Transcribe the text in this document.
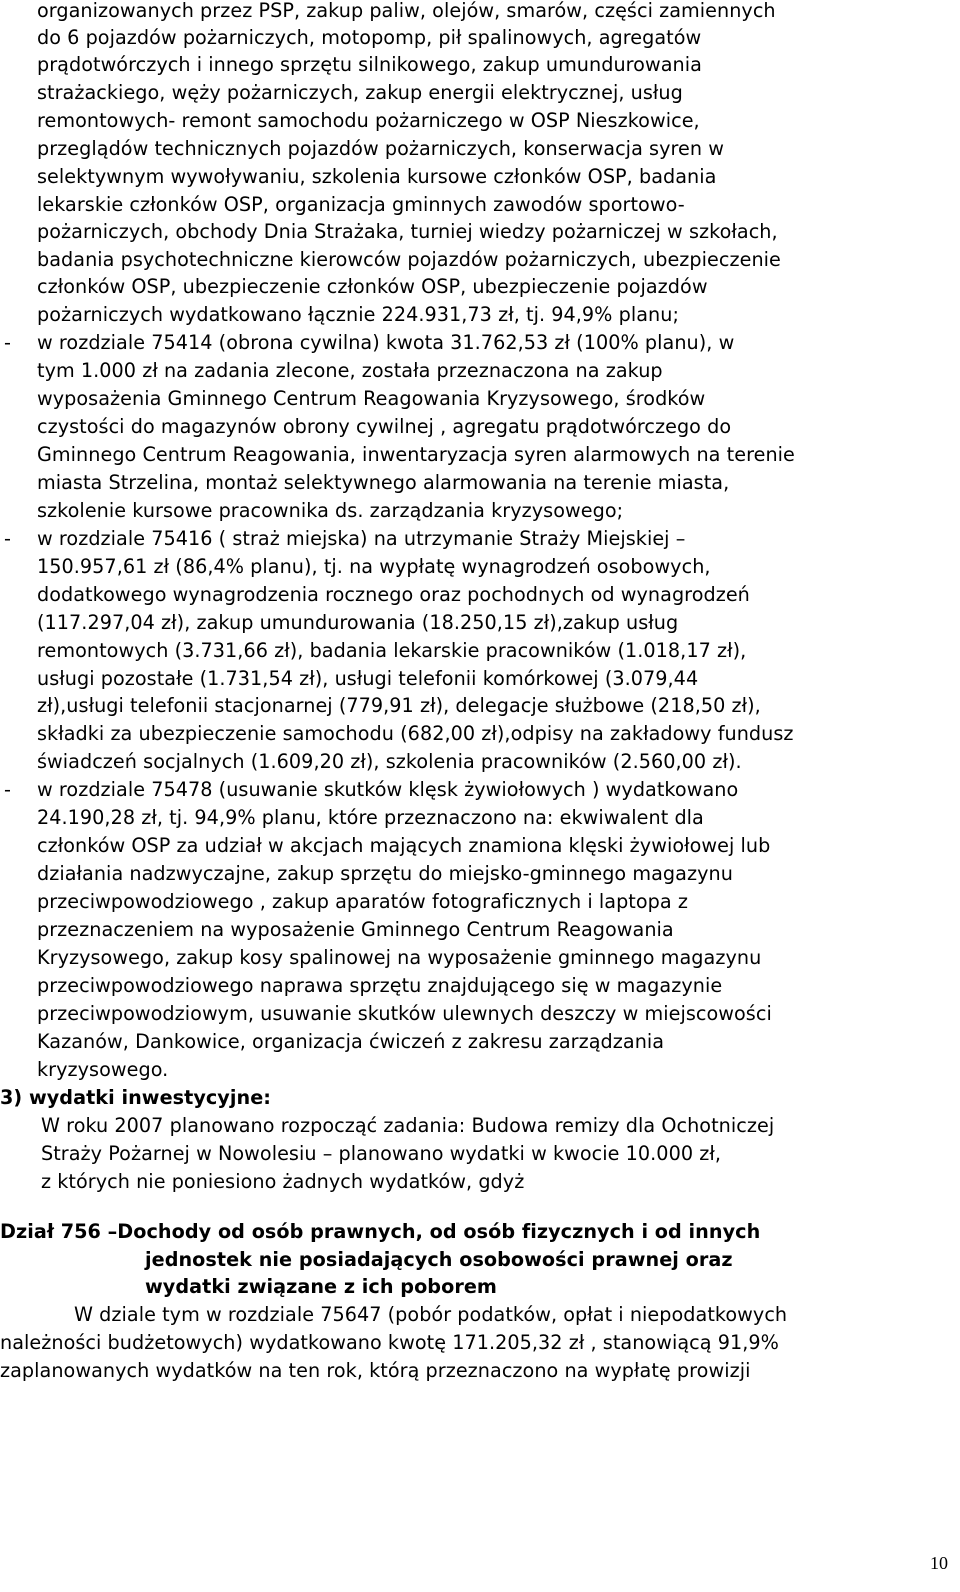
organizowanych przez PSP, zakup paliw, olejów, smarów, części zamiennych

do 6 pojazdów pożarniczych, motopomp, pił spalinowych, agregatów

prądotwórczych i innego sprzętu silnikowego, zakup umundurowania

strażackiego, węży pożarniczych, zakup energii elektrycznej, usług

remontowych- remont samochodu pożarniczego w OSP Nieszkowice,

przeglądów technicznych pojazdów pożarniczych, konserwacja syren w

selektywnym wywoływaniu, szkolenia kursowe członków OSP, badania

lekarskie członków OSP, organizacja gminnych zawodów sportowo-

pożarniczych, obchody Dnia Strażaka, turniej wiedzy pożarniczej w szkołach,

badania psychotechniczne kierowców pojazdów pożarniczych, ubezpieczenie

członków OSP, ubezpieczenie członków OSP, ubezpieczenie pojazdów

pożarniczych wydatkowano łącznie 224.931,73 zł, tj. 94,9% planu;

- w rozdziale 75414 (obrona cywilna) kwota 31.762,53 zł (100% planu), w

tym 1.000 zł na zadania zlecone, została przeznaczona na zakup

wyposażenia Gminnego Centrum Reagowania Kryzysowego, środków

czystości do magazynów obrony cywilnej , agregatu prądotwórczego do

Gminnego Centrum Reagowania, inwentaryzacja syren alarmowych na terenie

miasta Strzelina, montaż selektywnego alarmowania na terenie miasta,

szkolenie kursowe pracownika ds. zarządzania kryzysowego;

- w rozdziale 75416 ( straż miejska) na utrzymanie Straży Miejskiej –

150.957,61 zł (86,4% planu), tj. na wypłatę wynagrodzeń osobowych,

dodatkowego wynagrodzenia rocznego oraz pochodnych od wynagrodzeń

(117.297,04 zł), zakup umundurowania (18.250,15 zł),zakup usług

remontowych (3.731,66 zł), badania lekarskie pracowników (1.018,17 zł),

usługi pozostałe (1.731,54 zł), usługi telefonii komórkowej (3.079,44

zł),usługi telefonii stacjonarnej (779,91 zł), delegacje służbowe (218,50 zł),

składki za ubezpieczenie samochodu (682,00 zł),odpisy na zakładowy fundusz

świadczeń socjalnych (1.609,20 zł), szkolenia pracowników (2.560,00 zł).

- w rozdziale 75478 (usuwanie skutków klęsk żywiołowych ) wydatkowano

24.190,28 zł, tj. 94,9% planu, które przeznaczono na: ekwiwalent dla

członków OSP za udział w akcjach mających znamiona klęski żywiołowej lub

działania nadzwyczajne, zakup sprzętu do miejsko-gminnego magazynu

przeciwpowodziowego , zakup aparatów fotograficznych i laptopa z

przeznaczeniem na wyposażenie Gminnego Centrum Reagowania

Kryzysowego, zakup kosy spalinowej na wyposażenie gminnego magazynu

przeciwpowodziowego naprawa sprzętu znajdującego się w magazynie

przeciwpowodziowym, usuwanie skutków ulewnych deszczy w miejscowości

Kazanów, Dankowice, organizacja ćwiczeń z zakresu zarządzania

kryzysowego.

3) wydatki inwestycyjne:

W roku 2007 planowano rozpocząć zadania: Budowa remizy dla Ochotniczej

Straży Pożarnej w Nowolesiu – planowano wydatki w kwocie 10.000 zł,

z których nie poniesiono żadnych wydatków, gdyż

Dział 756 –Dochody od osób prawnych, od osób fizycznych i od innych

jednostek nie posiadających osobowości prawnej oraz

wydatki związane z ich poborem

W dziale tym w rozdziale 75647 (pobór podatków, opłat i niepodatkowych

należności budżetowych) wydatkowano kwotę 171.205,32 zł , stanowiącą 91,9%

zaplanowanych wydatków na ten rok, którą przeznaczono na wypłatę prowizji

10
